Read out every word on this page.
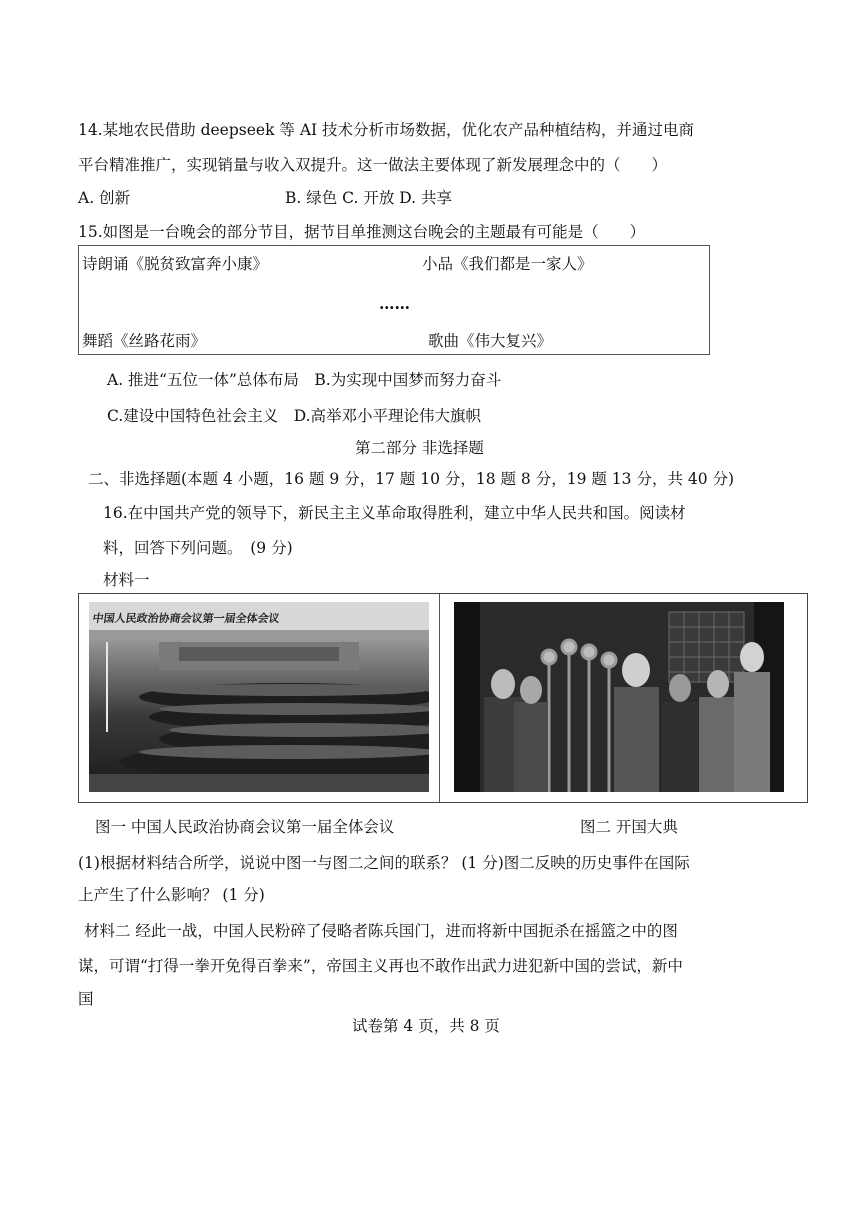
14.某地农民借助 deepseek 等 AI 技术分析市场数据，优化农产品种植结构，并通过电商
平台精准推广，实现销量与收入双提升。这一做法主要体现了新发展理念中的（　　）
A. 创新	B. 绿色 C. 开放 D. 共享
15.如图是一台晚会的部分节目，据节目单推测这台晚会的主题最有可能是（　　）
诗朗诵《脱贫致富奔小康》	小品《我们都是一家人》
……
舞蹈《丝路花雨》	歌曲《伟大复兴》
A. 推进“五位一体”总体布局　B.为实现中国梦而努力奋斗
C.建设中国特色社会主义　D.高举邓小平理论伟大旗帜
第二部分 非选择题
二、非选择题(本题 4 小题，16 题 9 分，17 题 10 分，18 题 8 分，19 题 13 分，共 40 分)
16.在中国共产党的领导下，新民主主义革命取得胜利，建立中华人民共和国。阅读材
料，回答下列问题。　(9 分)
材料一
中国人民政治协商会议第一届全体会议
图一 中国人民政治协商会议第一届全体会议	图二 开国大典
(1)根据材料结合所学，说说中图一与图二之间的联系？ (1 分)图二反映的历史事件在国际
上产生了什么影响？ (1 分)
材料二 经此一战，中国人民粉碎了侵略者陈兵国门，进而将新中国扼杀在摇篮之中的图
谋，可谓“打得一拳开免得百拳来”，帝国主义再也不敢作出武力进犯新中国的尝试，新中
国
试卷第 4 页，共 8 页
